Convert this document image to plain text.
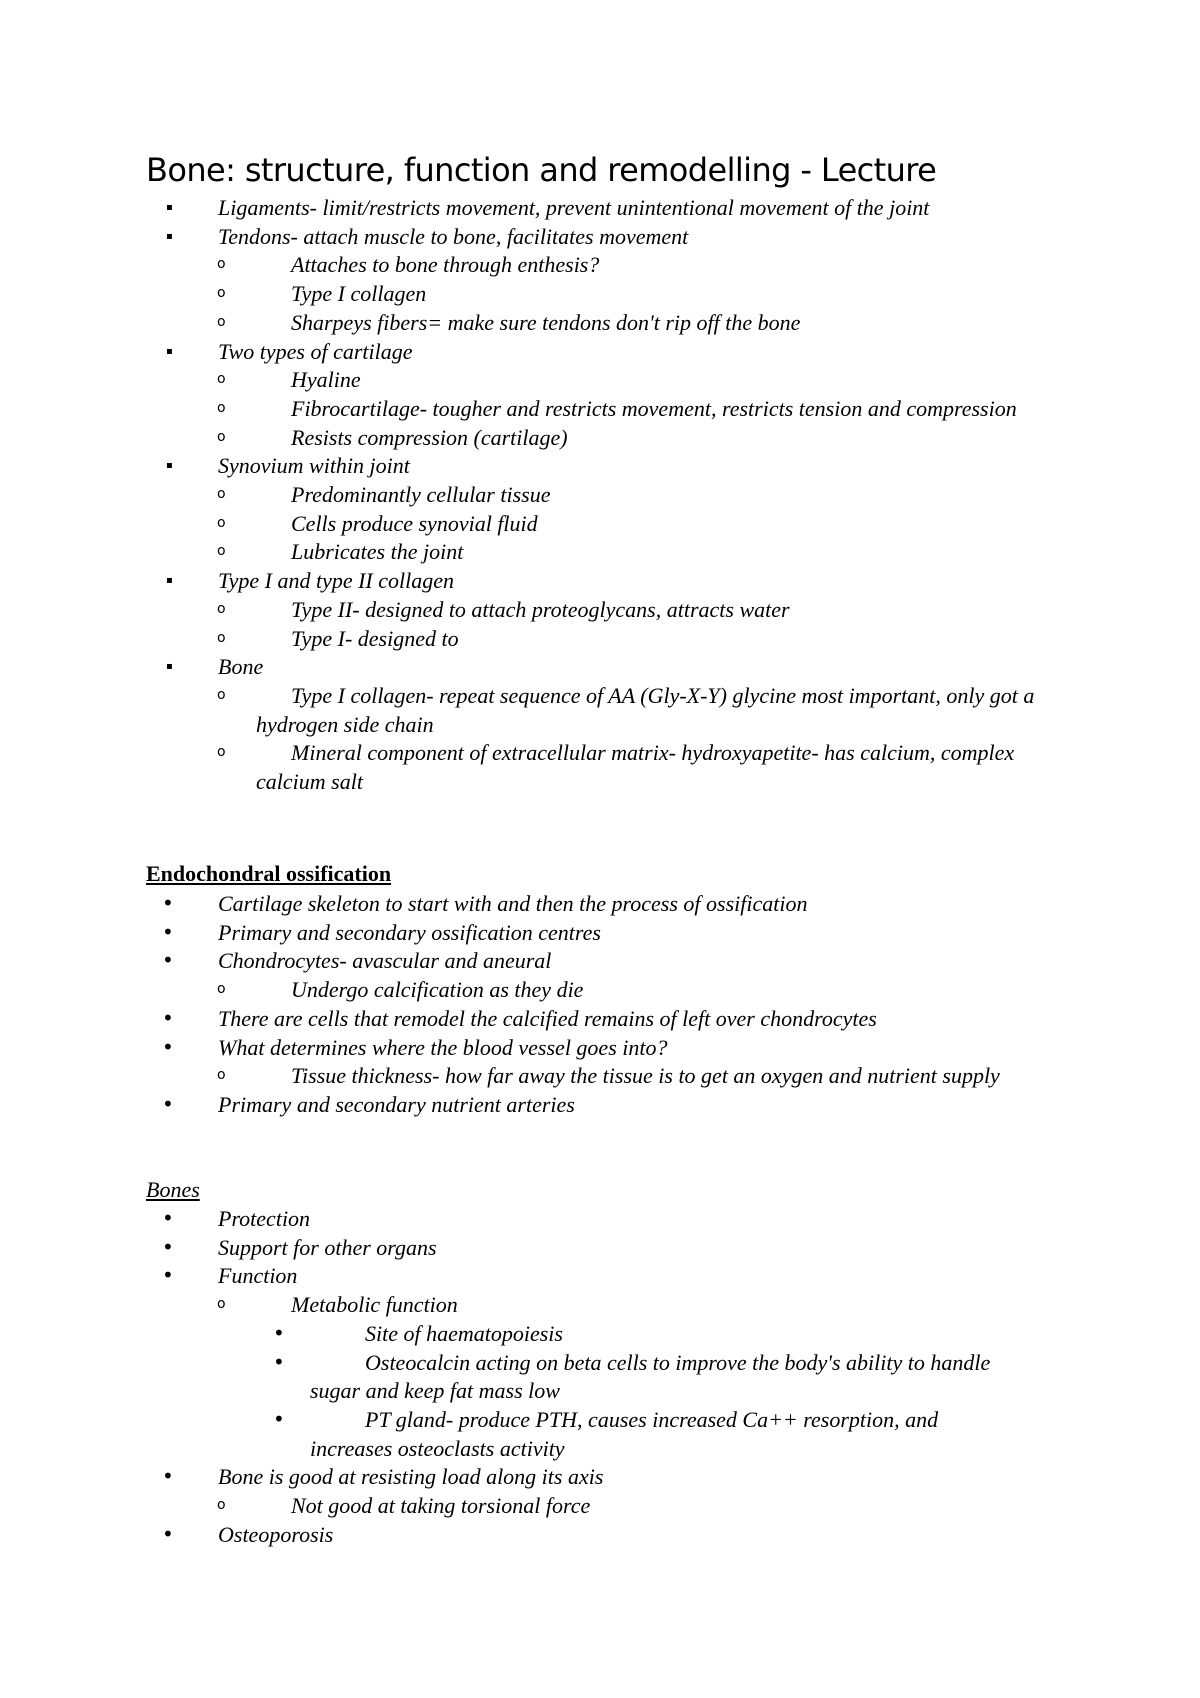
Bone: structure, function and remodelling - Lecture
▪ Ligaments- limit/restricts movement, prevent unintentional movement of the joint
▪ Tendons- attach muscle to bone, facilitates movement
o	Attaches to bone through enthesis?
o	Type I collagen
o	Sharpeys fibers= make sure tendons don't rip off the bone
▪ Two types of cartilage
o	Hyaline
o	Fibrocartilage- tougher and restricts movement, restricts tension and compression
o	Resists compression (cartilage)
▪ Synovium within joint
o	Predominantly cellular tissue
o	Cells produce synovial fluid
o	Lubricates the joint
▪ Type I and type II collagen
o	Type II- designed to attach proteoglycans, attracts water
o	Type I- designed to
▪ Bone
o	Type I collagen- repeat sequence of AA (Gly-X-Y) glycine most important, only got a hydrogen side chain
o	Mineral component of extracellular matrix- hydroxyapetite- has calcium, complex calcium salt
Endochondral ossification
• Cartilage skeleton to start with and then the process of ossification
• Primary and secondary ossification centres
• Chondrocytes- avascular and aneural
o	Undergo calcification as they die
• There are cells that remodel the calcified remains of left over chondrocytes
• What determines where the blood vessel goes into?
o	Tissue thickness- how far away the tissue is to get an oxygen and nutrient supply
• Primary and secondary nutrient arteries
Bones
• Protection
• Support for other organs
• Function
o	Metabolic function
•	Site of haematopoiesis
•	Osteocalcin acting on beta cells to improve the body's ability to handle sugar and keep fat mass low
•	PT gland- produce PTH, causes increased Ca++ resorption, and increases osteoclasts activity
• Bone is good at resisting load along its axis
o	Not good at taking torsional force
• Osteoporosis
